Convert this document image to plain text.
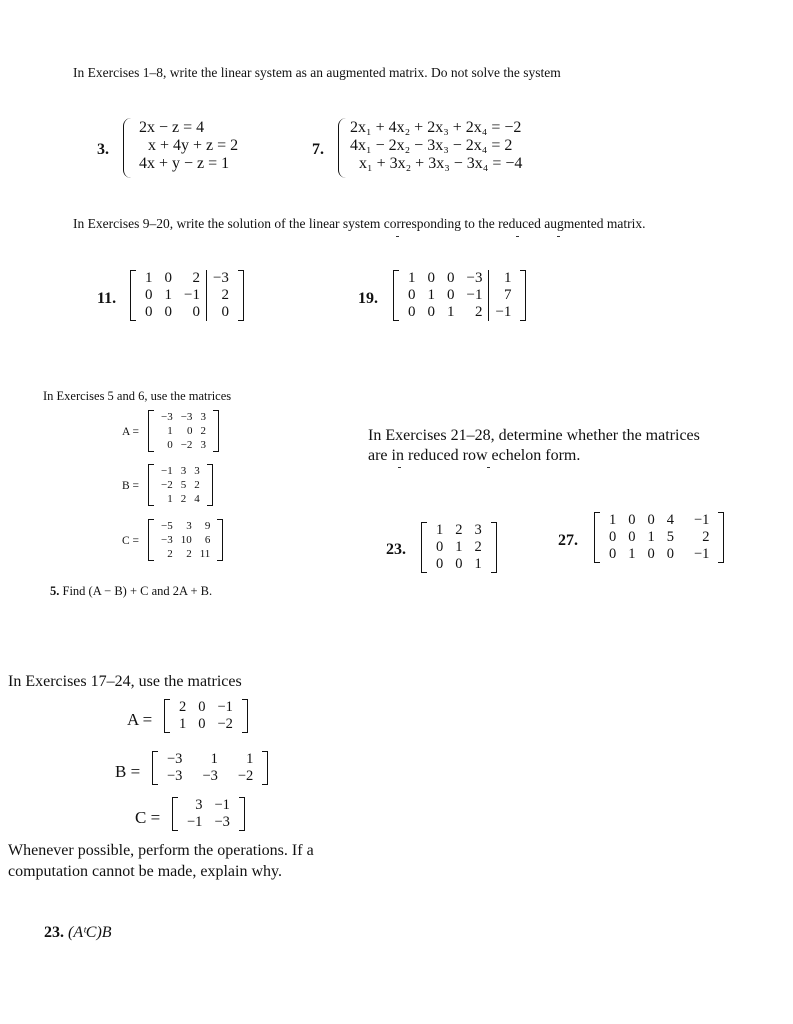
In Exercises 1–8, write the linear system as an augmented matrix. Do not solve the system
3.
2x − z = 4
x + 4y + z = 2
4x + y − z = 1
7.
2x₁ + 4x₂ + 2x₃ + 2x₄ = −2
4x₁ − 2x₂ − 3x₃ − 2x₄ = 2
x₁ + 3x₂ + 3x₃ − 3x₄ = −4
In Exercises 9–20, write the solution of the linear system corresponding to the reduced augmented matrix.
11.
1	0	2	−3
0	1	−1	2
0	0	0	0
19.
1	0	0	−3	1
0	1	0	−1	7
0	0	1	2	−1
In Exercises 5 and 6, use the matrices
A =
−3	−3	3
1	0	2
0	−2	3
B =
−1	3	3
−2	5	2
1	2	4
C =
−5	3	9
−3	10	6
2	2	11
5. Find (A − B) + C and 2A + B.
In Exercises 21–28, determine whether the matrices
are in reduced row echelon form.
23.
1	2	3
0	1	2
0	0	1
27.
1	0	0	4	−1
0	0	1	5	2
0	1	0	0	−1
In Exercises 17–24, use the matrices
A =
2	0	−1
1	0	−2
B =
−3	1	1
−3	−3	−2
C =
3	−1
−1	−3
Whenever possible, perform the operations. If a
computation cannot be made, explain why.
23. (AᵗC)B
